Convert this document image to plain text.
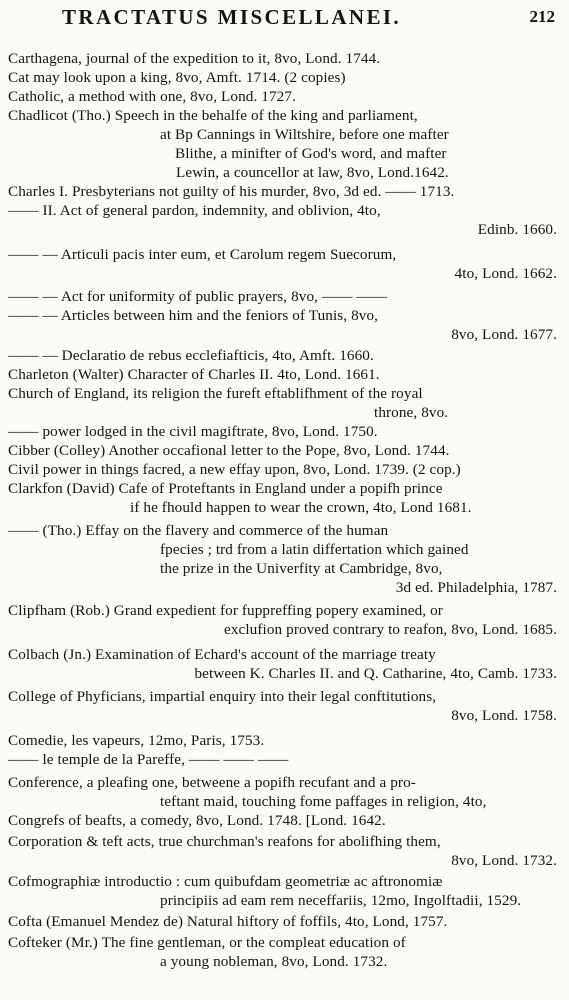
TRACTATUS MISCELLANEI.	212
Carthagena, journal of the expedition to it, 8vo, Lond. 1744.
Cat may look upon a king, 8vo, Amft. 1714. (2 copies)
Catholic, a method with one, 8vo, Lond. 1727.
Chadlicot (Tho.) Speech in the behalfe of the king and parliament,
at Bp Cannings in Wiltshire, before one mafter
Blithe, a minifter of God's word, and mafter
Lewin, a councellor at law, 8vo, Lond.1642.
Charles I. Presbyterians not guilty of his murder, 8vo, 3d ed. —— 1713.
—— II. Act of general pardon, indemnity, and oblivion, 4to,
Edinb. 1660.
—— — Articuli pacis inter eum, et Carolum regem Suecorum,
4to, Lond. 1662.
—— — Act for uniformity of public prayers, 8vo, —— ——
—— — Articles between him and the feniors of Tunis, 8vo,
8vo, Lond. 1677.
—— — Declaratio de rebus ecclefiafticis, 4to, Amft. 1660.
Charleton (Walter) Character of Charles II. 4to, Lond. 1661.
Church of England, its religion the fureft eftablifhment of the royal
throne, 8vo.
—— power lodged in the civil magiftrate, 8vo, Lond. 1750.
Cibber (Colley) Another occafional letter to the Pope, 8vo, Lond. 1744.
Civil power in things facred, a new effay upon, 8vo, Lond. 1739. (2 cop.)
Clarkfon (David) Cafe of Proteftants in England under a popifh prince
if he fhould happen to wear the crown, 4to, Lond 1681.
—— (Tho.) Effay on the flavery and commerce of the human
fpecies ; trd from a latin differtation which gained
the prize in the Univerfity at Cambridge, 8vo,
3d ed. Philadelphia, 1787.
Clipfham (Rob.) Grand expedient for fuppreffing popery examined, or
exclufion proved contrary to reafon, 8vo, Lond. 1685.
Colbach (Jn.) Examination of Echard's account of the marriage treaty
between K. Charles II. and Q. Catharine, 4to, Camb. 1733.
College of Phyficians, impartial enquiry into their legal conftitutions,
8vo, Lond. 1758.
Comedie, les vapeurs, 12mo, Paris, 1753.
—— le temple de la Pareffe, —— —— ——
Conference, a pleafing one, betweene a popifh recufant and a pro-
teftant maid, touching fome paffages in religion, 4to,
Congrefs of beafts, a comedy, 8vo, Lond. 1748. [Lond. 1642.
Corporation & teft acts, true churchman's reafons for abolifhing them,
8vo, Lond. 1732.
Cofmographiæ introductio : cum quibufdam geometriæ ac aftronomiæ
principiis ad eam rem neceffariis, 12mo, Ingolftadii, 1529.
Cofta (Emanuel Mendez de) Natural hiftory of foffils, 4to, Lond, 1757.
Cofteker (Mr.) The fine gentleman, or the compleat education of
a young nobleman, 8vo, Lond. 1732.
